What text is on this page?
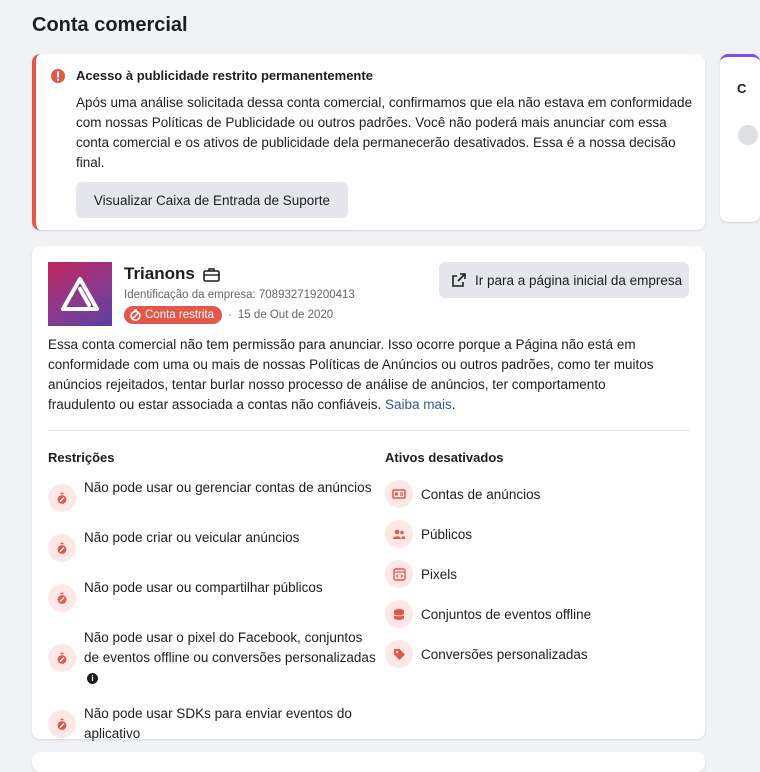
Conta comercial
Acesso à publicidade restrito permanentemente
Após uma análise solicitada dessa conta comercial, confirmamos que ela não estava em conformidade com nossas Políticas de Publicidade ou outros padrões. Você não poderá mais anunciar com essa conta comercial e os ativos de publicidade dela permanecerão desativados. Essa é a nossa decisão final.
Visualizar Caixa de Entrada de Suporte
C
Trianons
Identificação da empresa: 708932719200413
Conta restrita · 15 de Out de 2020
Ir para a página inicial da empresa
Essa conta comercial não tem permissão para anunciar. Isso ocorre porque a Página não está em conformidade com uma ou mais de nossas Políticas de Anúncios ou outros padrões, como ter muitos anúncios rejeitados, tentar burlar nosso processo de análise de anúncios, ter comportamento fraudulento ou estar associada a contas não confiáveis. Saiba mais.
Restrições	Ativos desativados
Não pode usar ou gerenciar contas de anúncios
Não pode criar ou veicular anúncios
Não pode usar ou compartilhar públicos
Não pode usar o pixel do Facebook, conjuntos de eventos offline ou conversões personalizadasi
Não pode usar SDKs para enviar eventos do aplicativo
Contas de anúncios
Públicos
Pixels
Conjuntos de eventos offline
Conversões personalizadas
